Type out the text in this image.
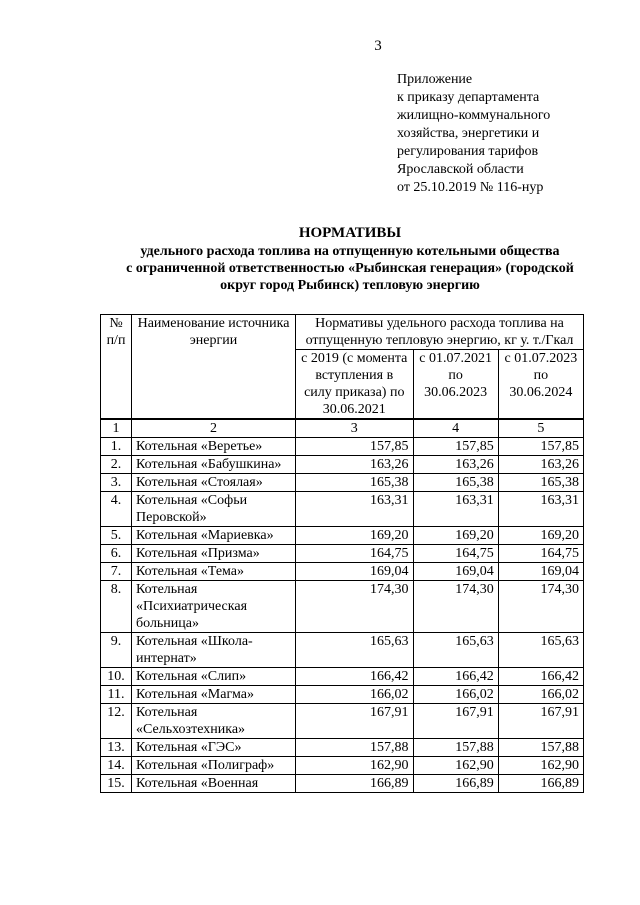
3
Приложение
к приказу департамента
жилищно-коммунального
хозяйства, энергетики и
регулирования тарифов
Ярославской области
от 25.10.2019 № 116-нур
НОРМАТИВЫ
удельного расхода топлива на отпущенную котельными общества
с ограниченной ответственностью «Рыбинская генерация» (городской
округ город Рыбинск) тепловую энергию
№ п/п	Наименование источника энергии	Нормативы удельного расхода топлива на отпущенную тепловую энергию, кг у. т./Гкал		
		с 2019 (с момента вступления в силу приказа) по 30.06.2021	с 01.07.2021 по 30.06.2023	с 01.07.2023 по 30.06.2024

1	2	3	4	5
1.	Котельная «Веретье»	157,85	157,85	157,85
2.	Котельная «Бабушкина»	163,26	163,26	163,26
3.	Котельная «Стоялая»	165,38	165,38	165,38
4.	Котельная «Софьи Перовской»	163,31	163,31	163,31
5.	Котельная «Мариевка»	169,20	169,20	169,20
6.	Котельная «Призма»	164,75	164,75	164,75
7.	Котельная «Тема»	169,04	169,04	169,04
8.	Котельная «Психиатрическая больница»	174,30	174,30	174,30
9.	Котельная «Школа-интернат»	165,63	165,63	165,63
10.	Котельная «Слип»	166,42	166,42	166,42
11.	Котельная «Магма»	166,02	166,02	166,02
12.	Котельная «Сельхозтехника»	167,91	167,91	167,91
13.	Котельная «ГЭС»	157,88	157,88	157,88
14.	Котельная «Полиграф»	162,90	162,90	162,90
15.	Котельная «Военная	166,89	166,89	166,89
